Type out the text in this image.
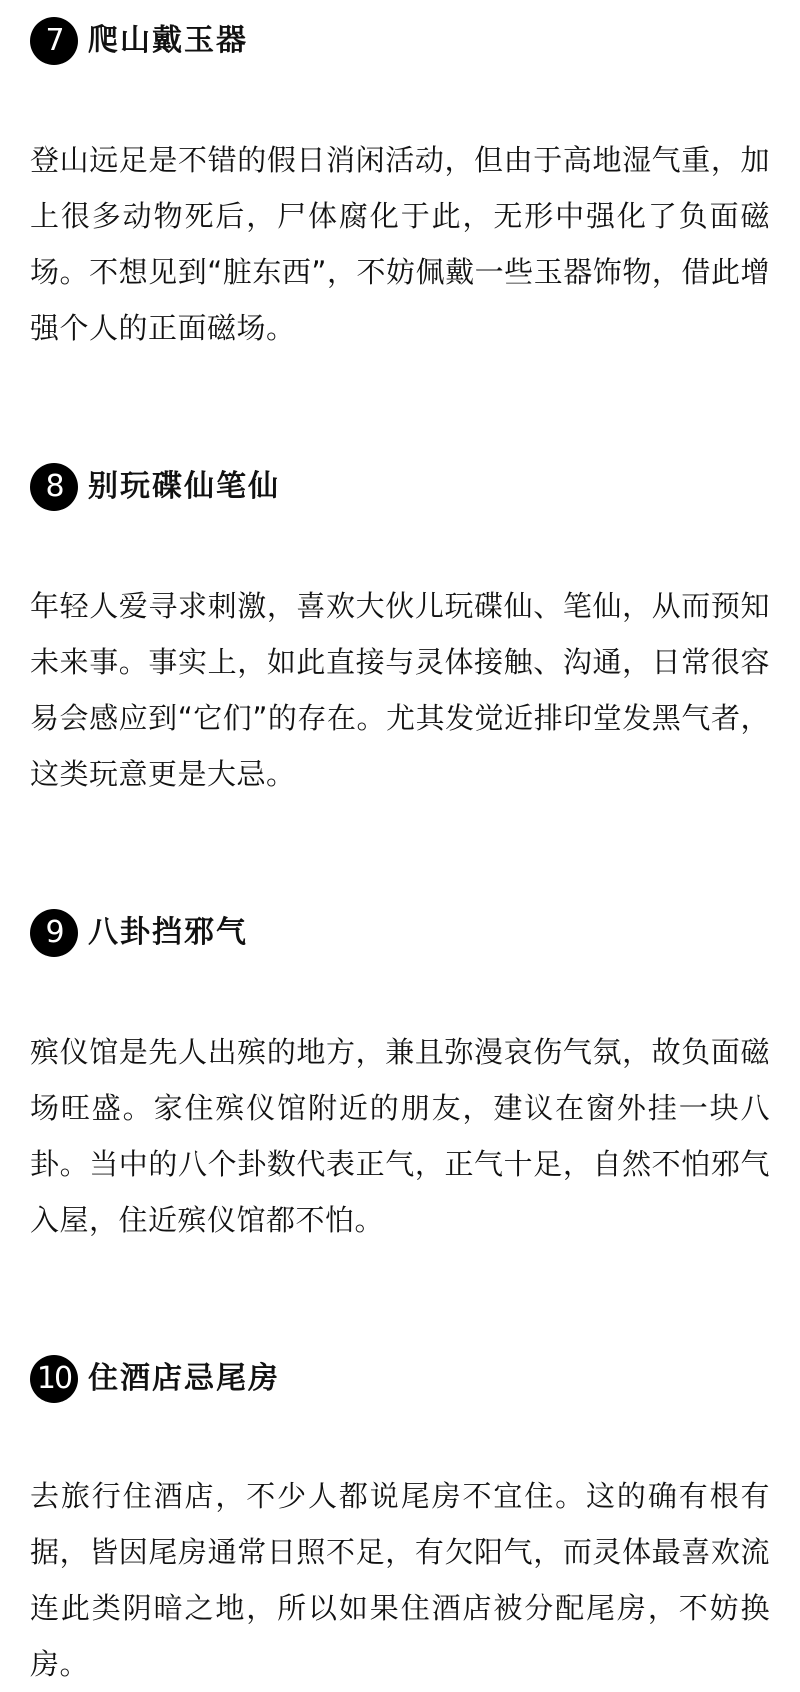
7 爬山戴玉器

登山远足是不错的假日消闲活动，但由于高地湿气重，加上很多动物死后，尸体腐化于此，无形中强化了负面磁场。不想见到“脏东西”，不妨佩戴一些玉器饰物，借此增强个人的正面磁场。

8 别玩碟仙笔仙

年轻人爱寻求刺激，喜欢大伙儿玩碟仙、笔仙，从而预知未来事。事实上，如此直接与灵体接触、沟通，日常很容易会感应到“它们”的存在。尤其发觉近排印堂发黑气者，这类玩意更是大忌。

9 八卦挡邪气

殡仪馆是先人出殡的地方，兼且弥漫哀伤气氛，故负面磁场旺盛。家住殡仪馆附近的朋友，建议在窗外挂一块八卦。当中的八个卦数代表正气，正气十足，自然不怕邪气入屋，住近殡仪馆都不怕。

10 住酒店忌尾房

去旅行住酒店，不少人都说尾房不宜住。这的确有根有据，皆因尾房通常日照不足，有欠阳气，而灵体最喜欢流连此类阴暗之地，所以如果住酒店被分配尾房，不妨换房。
